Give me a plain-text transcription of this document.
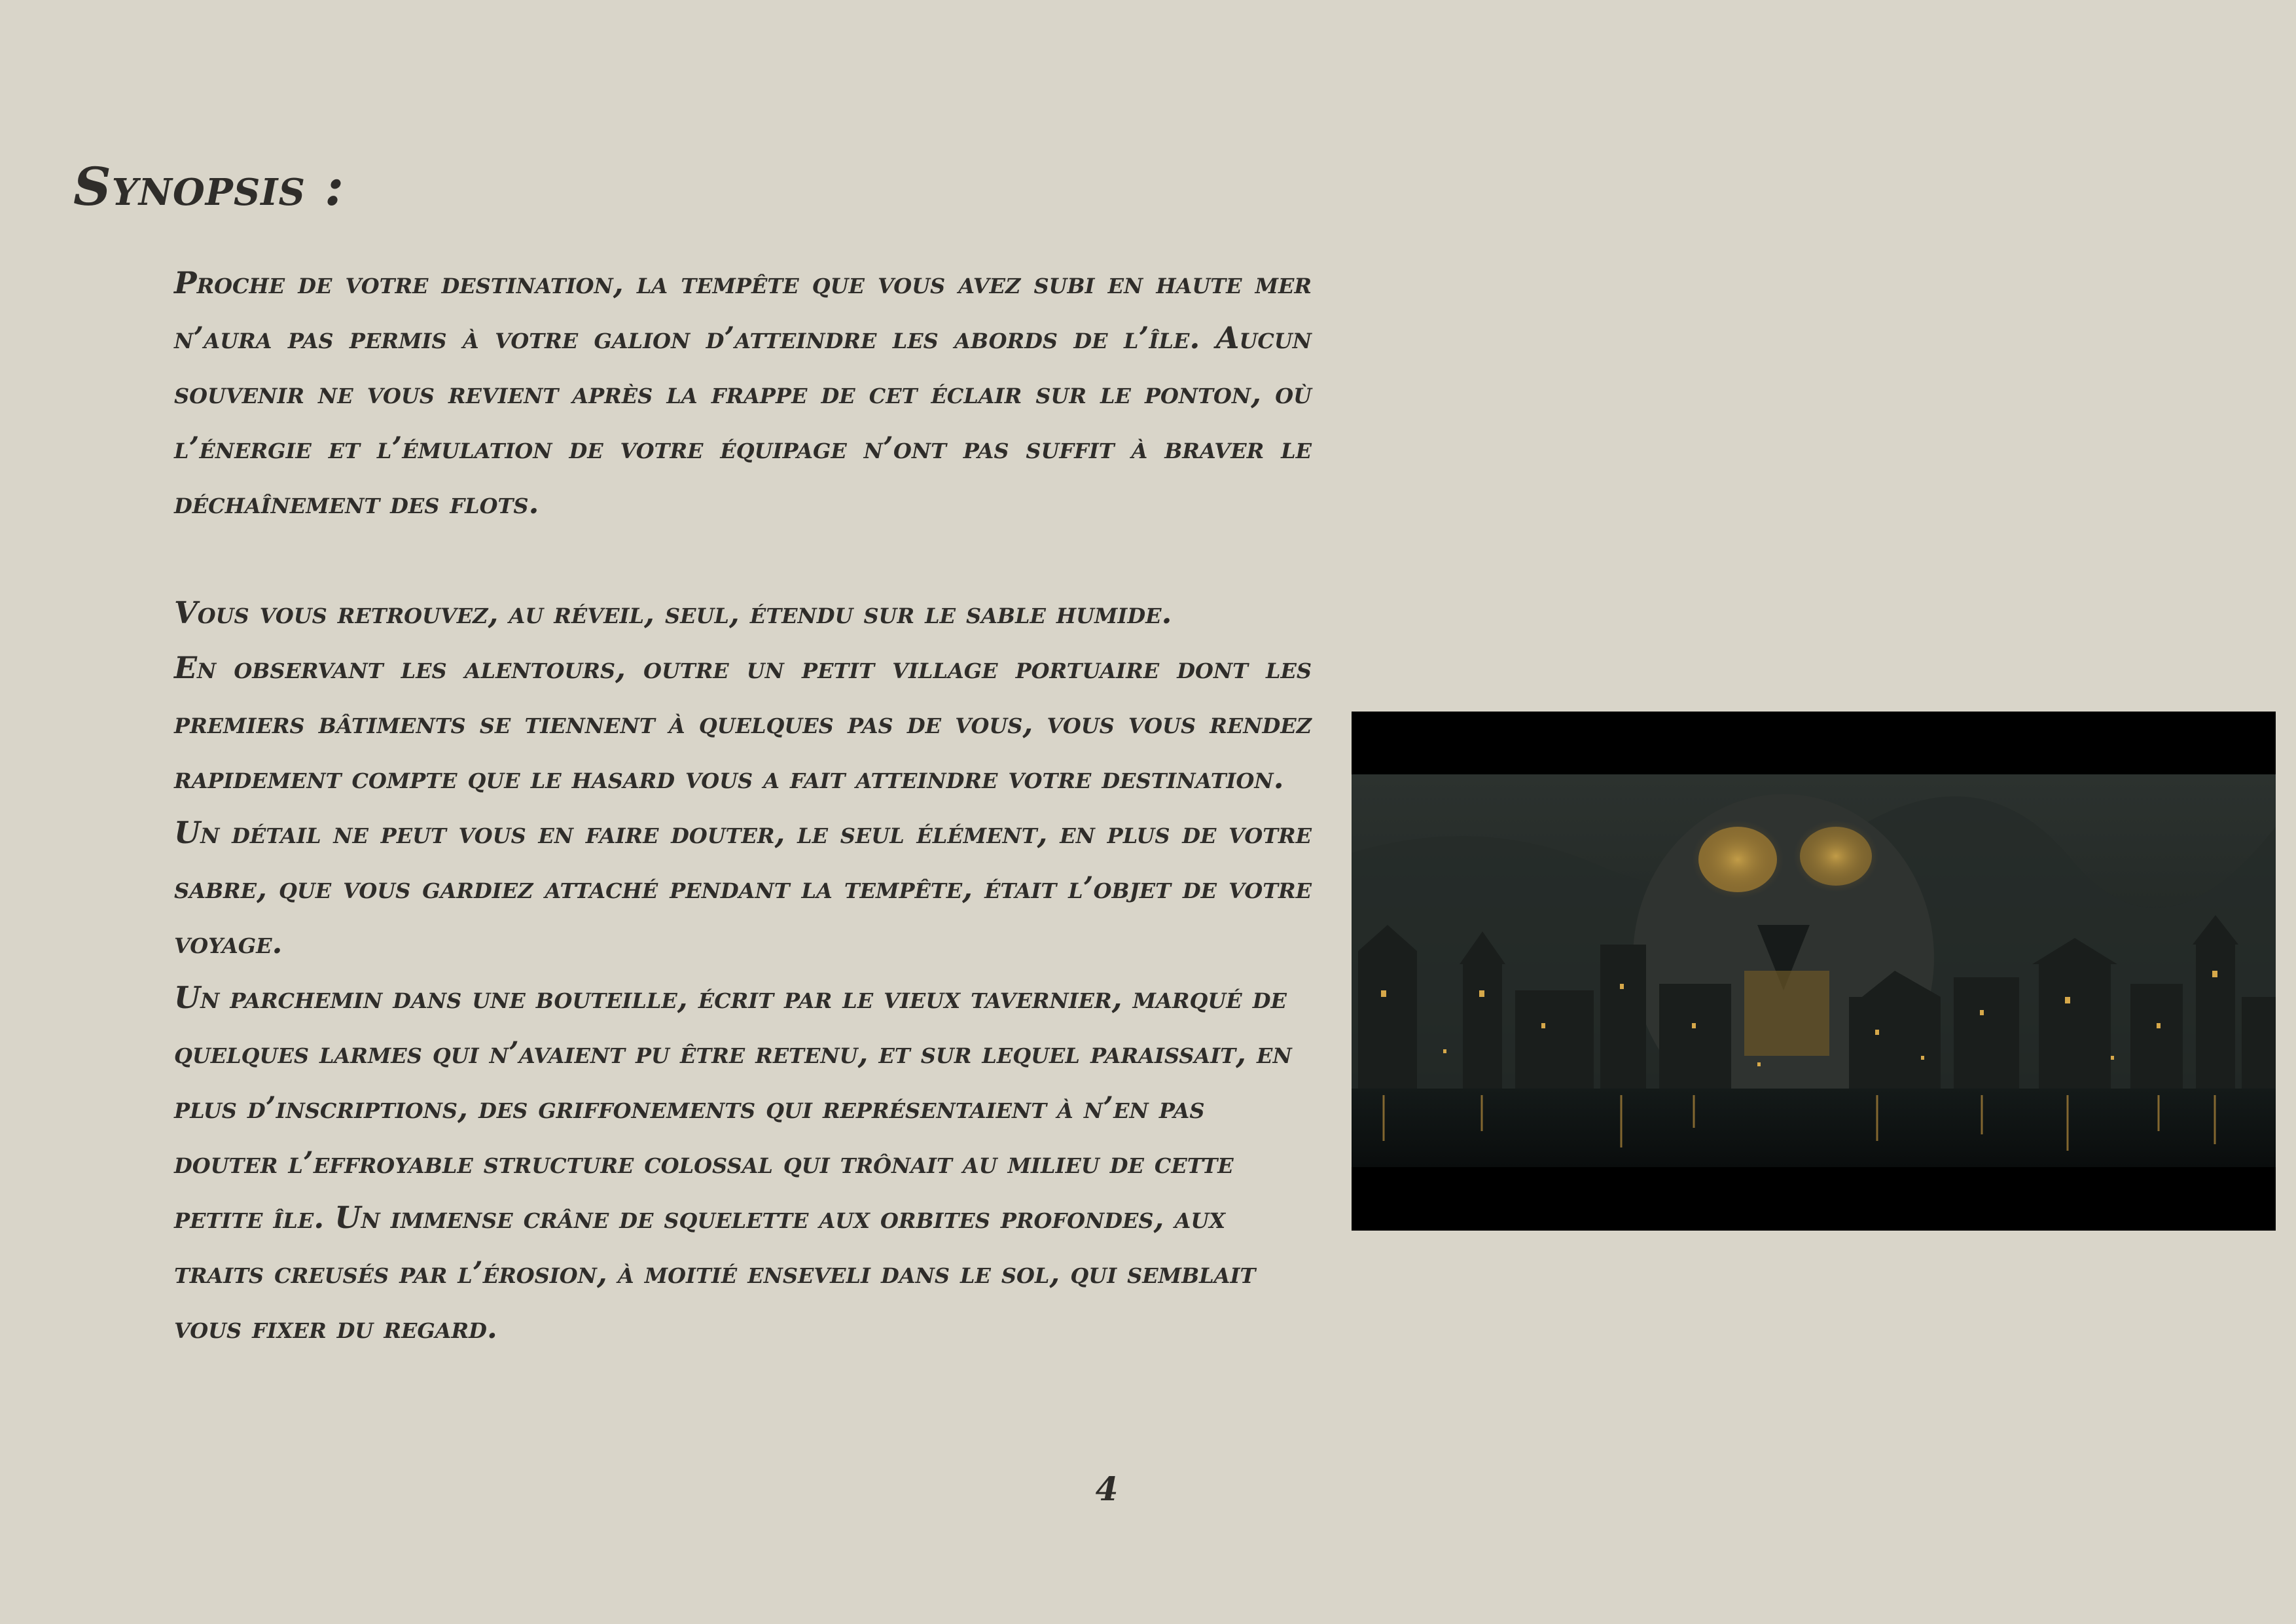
Synopsis :

Proche de votre destination, la tempête que vous avez subi en haute mer n’aura pas permis à votre galion d’atteindre les abords de l’île. Aucun souvenir ne vous revient après la frappe de cet éclair sur le ponton, où l’énergie et l’émulation de votre équipage n’ont pas suffit à braver le déchaînement des flots.

Vous vous retrouvez, au réveil, seul, étendu sur le sable humide.

En observant les alentours, outre un petit village portuaire dont les premiers bâtiments se tiennent à quelques pas de vous, vous vous rendez rapidement compte que le hasard vous a fait atteindre votre destination.

Un détail ne peut vous en faire douter, le seul élément, en plus de votre sabre, que vous gardiez attaché pendant la tempête, était l’objet de votre voyage.

Un parchemin dans une bouteille, écrit par le vieux tavernier, marqué de quelques larmes qui n’avaient pu être retenu, et sur lequel paraissait, en plus d’inscriptions, des griffonements qui représentaient à n’en pas douter l’effroyable structure colossal qui trônait au milieu de cette petite île. Un immense crâne de squelette aux orbites profondes, aux traits creusés par l’érosion, à moitié enseveli dans le sol, qui semblait vous fixer du regard.

4
